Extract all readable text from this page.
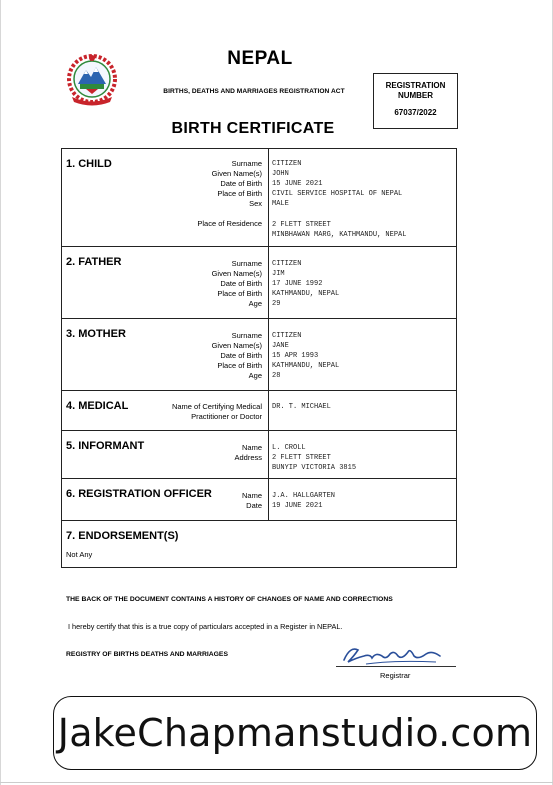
NEPAL
BIRTHS, DEATHS AND MARRIAGES REGISTRATION ACT
REGISTRATION NUMBER
67037/2022
BIRTH CERTIFICATE
1. CHILD	Surname CITIZEN
Given Name(s) JOHN
Date of Birth 15 JUNE 2021
Place of Birth CIVIL SERVICE HOSPITAL OF NEPAL
Sex MALE
Place of Residence 2 FLETT STREET
MINBHAWAN MARG, KATHMANDU, NEPAL
2. FATHER	Surname CITIZEN
Given Name(s) JIM
Date of Birth 17 JUNE 1992
Place of Birth KATHMANDU, NEPAL
Age 29
3. MOTHER	Surname CITIZEN
Given Name(s) JANE
Date of Birth 15 APR 1993
Place of Birth KATHMANDU, NEPAL
Age 28
4. MEDICAL	Name of Certifying Medical Practitioner or Doctor
DR. T. MICHAEL
5. INFORMANT	Name L. CROLL
Address 2 FLETT STREET
BUNYIP VICTORIA 3815
6. REGISTRATION OFFICER	Name J.A. HALLGARTEN
Date 19 JUNE 2021
7. ENDORSEMENT(S)
Not Any
THE BACK OF THE DOCUMENT CONTAINS A HISTORY OF CHANGES OF NAME AND CORRECTIONS
I hereby certify that this is a true copy of particulars accepted in a Register in NEPAL.
REGISTRY OF BIRTHS DEATHS AND MARRIAGES
Registrar
JakeChapmanstudio.com
